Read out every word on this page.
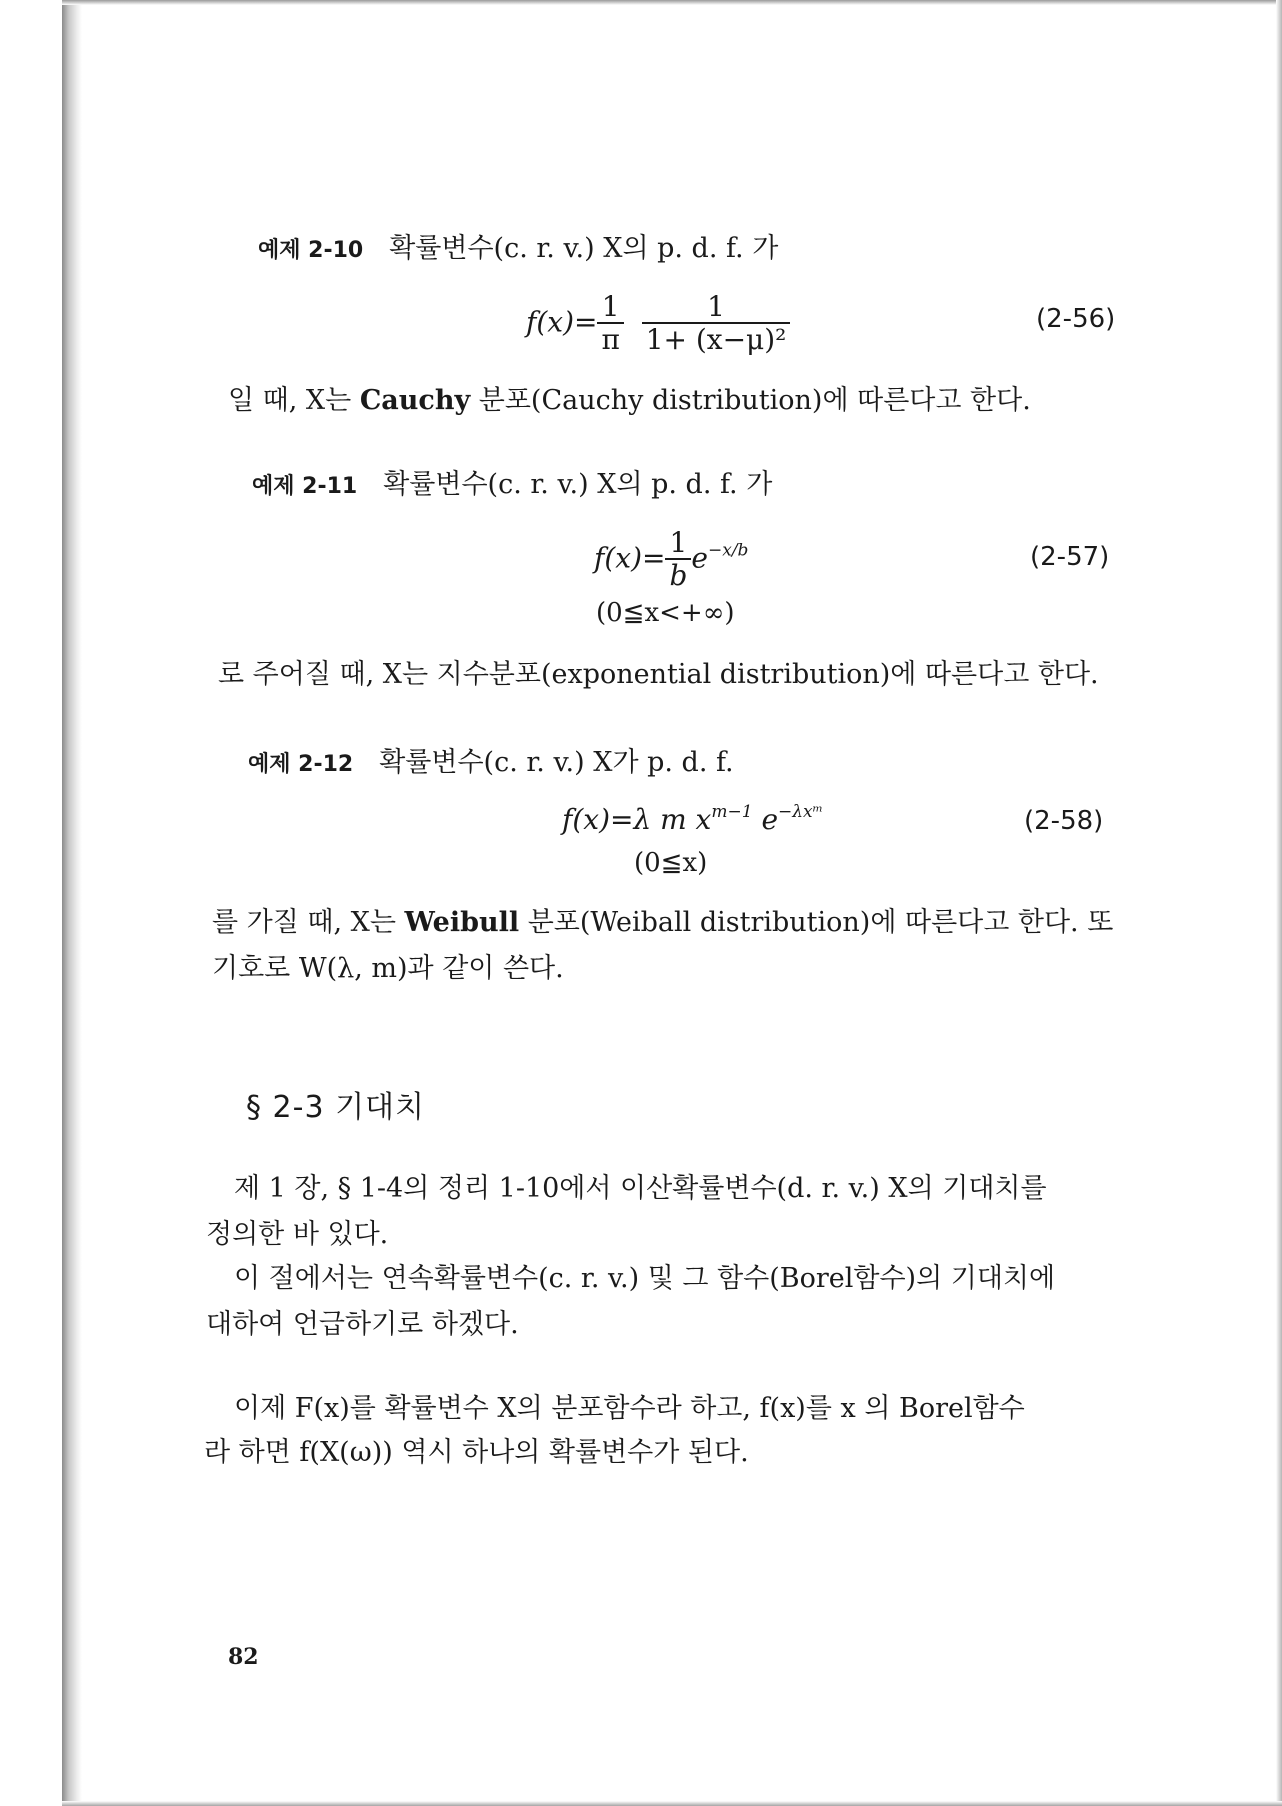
예제 2-10 확률변수(c. r. v.) X의 p. d. f. 가
$f(x)= \frac{1}{\pi}$
$\frac{1}{\text{1+ (x−μ)²}}$	(2-56)
일 때, X는 Cauchy 분포(Cauchy distribution)에 따른다고 한다.
예제 2-11 확률변수(c. r. v.) X의 p. d. f. 가
$f(x)= \frac{1}{b} e^{-x/b}$	(2-57)
(0≦x<+∞)
로 주어질 때, X는 지수분포(exponential distribution)에 따른다고 한다.
예제 2-12 확률변수(c. r. v.) X가 p. d. f.
f(x)=λ m $x^{m-1}$ $e^{-\lambda xᵐ}$	(2-58)
(0≦x)
를 가질 때, X는 Weibull 분포(Weiball distribution)에 따른다고 한다. 또
기호로 W(λ, m)과 같이 쓴다.
§ 2-3 기대치
제 1 장, § 1-4의 정리 1-10에서 이산확률변수(d. r. v.) X의 기대치를
정의한 바 있다.
이 절에서는 연속확률변수(c. r. v.) 및 그 함수(Borel함수)의 기대치에
대하여 언급하기로 하겠다.
이제 F(x)를 확률변수 X의 분포함수라 하고, f(x)를 x 의 Borel함수
라 하면 f(X(ω)) 역시 하나의 확률변수가 된다.
82
